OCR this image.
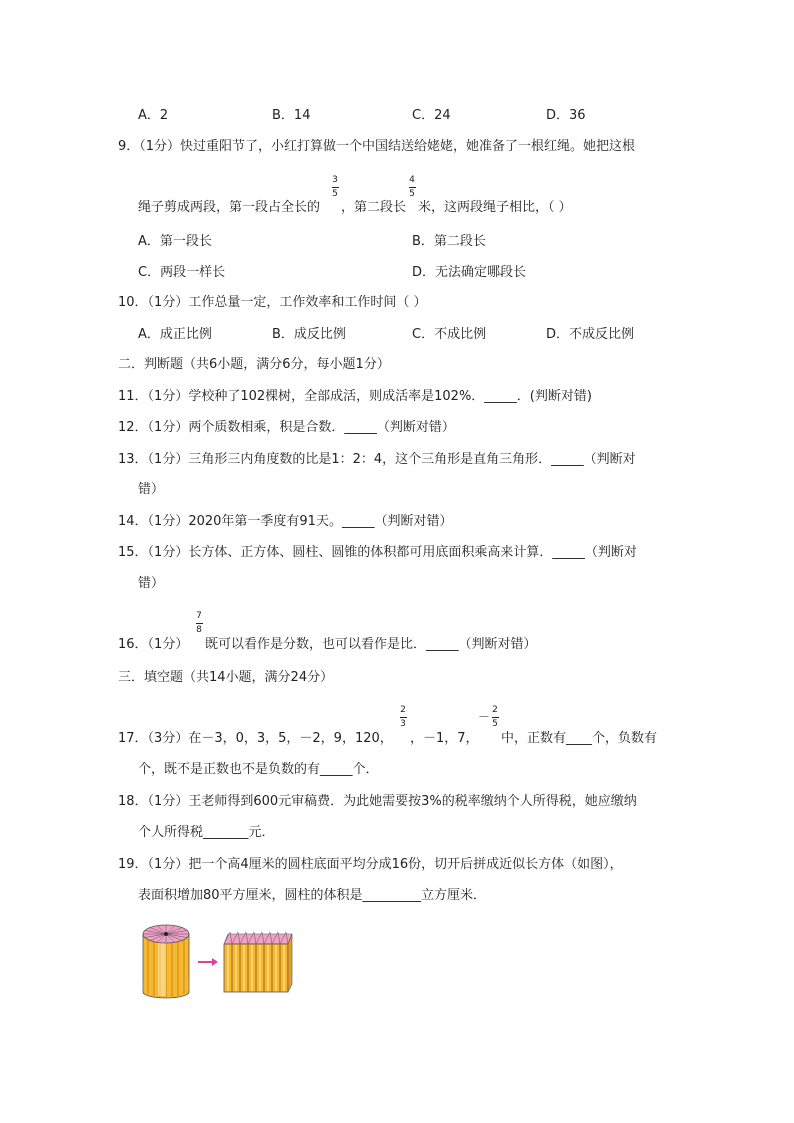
A．2	B．14	C．24	D．36
9．（1分）快过重阳节了，小红打算做一个中国结送给姥姥，她准备了一根红绳。她把这根
绳子剪成两段，第一段占全长的
3
5
，第二段长
4
5
米，这两段绳子相比，（ ）
A．第一段长	B．第二段长
C．两段一样长	D．无法确定哪段长
10．（1分）工作总量一定，工作效率和工作时间（ ）
A．成正比例	B．成反比例	C．不成比例	D．不成反比例
二．判断题（共6小题，满分6分，每小题1分）
11．（1分）学校种了102棵树，全部成活，则成活率是102%．_____．(判断对错)
12．（1分）两个质数相乘，积是合数．_____（判断对错）
13．（1分）三角形三内角度数的比是1：2：4，这个三角形是直角三角形．_____（判断对
错）
14．（1分）2020年第一季度有91天。_____（判断对错）
15．（1分）长方体、正方体、圆柱、圆锥的体积都可用底面积乘高来计算．_____（判断对
错）
16．（1分）
7
8
既可以看作是分数，也可以看作是比．_____（判断对错）
三．填空题（共14小题，满分24分）
17．（3分）在－3，0，3，5，－2，9，120，
2
3
，－1，7，
－ 2
5
中，正数有____个，负数有
个，既不是正数也不是负数的有_____个．
18．（1分）王老师得到600元审稿费．为此她需要按3%的税率缴纳个人所得税，她应缴纳
个人所得税_______元．
19．（1分）把一个高4厘米的圆柱底面平均分成16份，切开后拼成近似长方体（如图），
表面积增加80平方厘米，圆柱的体积是_________立方厘米．
